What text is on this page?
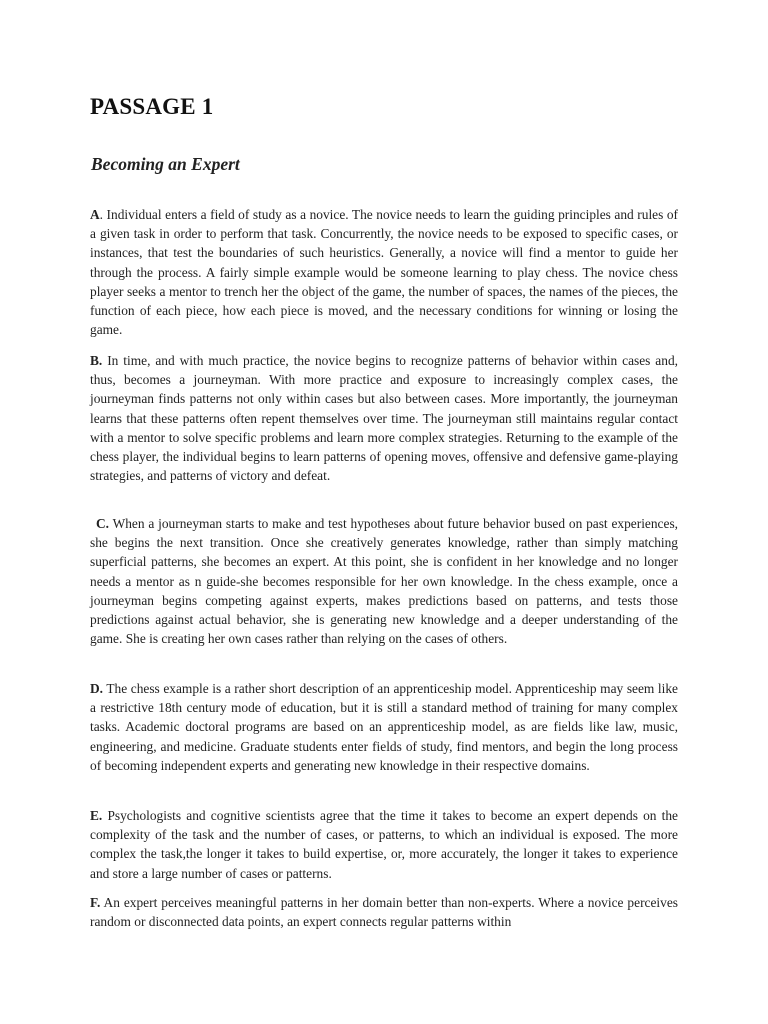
PASSAGE 1
Becoming an Expert

A. Individual enters a field of study as a novice. The novice needs to learn the guiding principles and rules of a given task in order to perform that task. Concurrently, the novice needs to be exposed to specific cases, or instances, that test the boundaries of such heuristics. Generally, a novice will find a mentor to guide her through the process. A fairly simple example would be someone learning to play chess. The novice chess player seeks a mentor to trench her the object of the game, the number of spaces, the names of the pieces, the function of each piece, how each piece is moved, and the necessary conditions for winning or losing the game.

B. In time, and with much practice, the novice begins to recognize patterns of behavior within cases and, thus, becomes a journeyman. With more practice and exposure to increasingly complex cases, the journeyman finds patterns not only within cases but also between cases. More importantly, the journeyman learns that these patterns often repent themselves over time. The journeyman still maintains regular contact with a mentor to solve specific problems and learn more complex strategies. Returning to the example of the chess player, the individual begins to learn patterns of opening moves, offensive and defensive game-playing strategies, and patterns of victory and defeat.

C. When a journeyman starts to make and test hypotheses about future behavior bused on past experiences, she begins the next transition. Once she creatively generates knowledge, rather than simply matching superficial patterns, she becomes an expert. At this point, she is confident in her knowledge and no longer needs a mentor as n guide-she becomes responsible for her own knowledge. In the chess example, once a journeyman begins competing against experts, makes predictions based on patterns, and tests those predictions against actual behavior, she is generating new knowledge and a deeper understanding of the game. She is creating her own cases rather than relying on the cases of others.

D. The chess example is a rather short description of an apprenticeship model. Apprenticeship may seem like a restrictive 18th century mode of education, but it is still a standard method of training for many complex tasks. Academic doctoral programs are based on an apprenticeship model, as are fields like law, music, engineering, and medicine. Graduate students enter fields of study, find mentors, and begin the long process of becoming independent experts and generating new knowledge in their respective domains.

E. Psychologists and cognitive scientists agree that the time it takes to become an expert depends on the complexity of the task and the number of cases, or patterns, to which an individual is exposed. The more complex the task,the longer it takes to build expertise, or, more accurately, the longer it takes to experience and store a large number of cases or patterns.

F. An expert perceives meaningful patterns in her domain better than non-experts. Where a novice perceives random or disconnected data points, an expert connects regular patterns within
